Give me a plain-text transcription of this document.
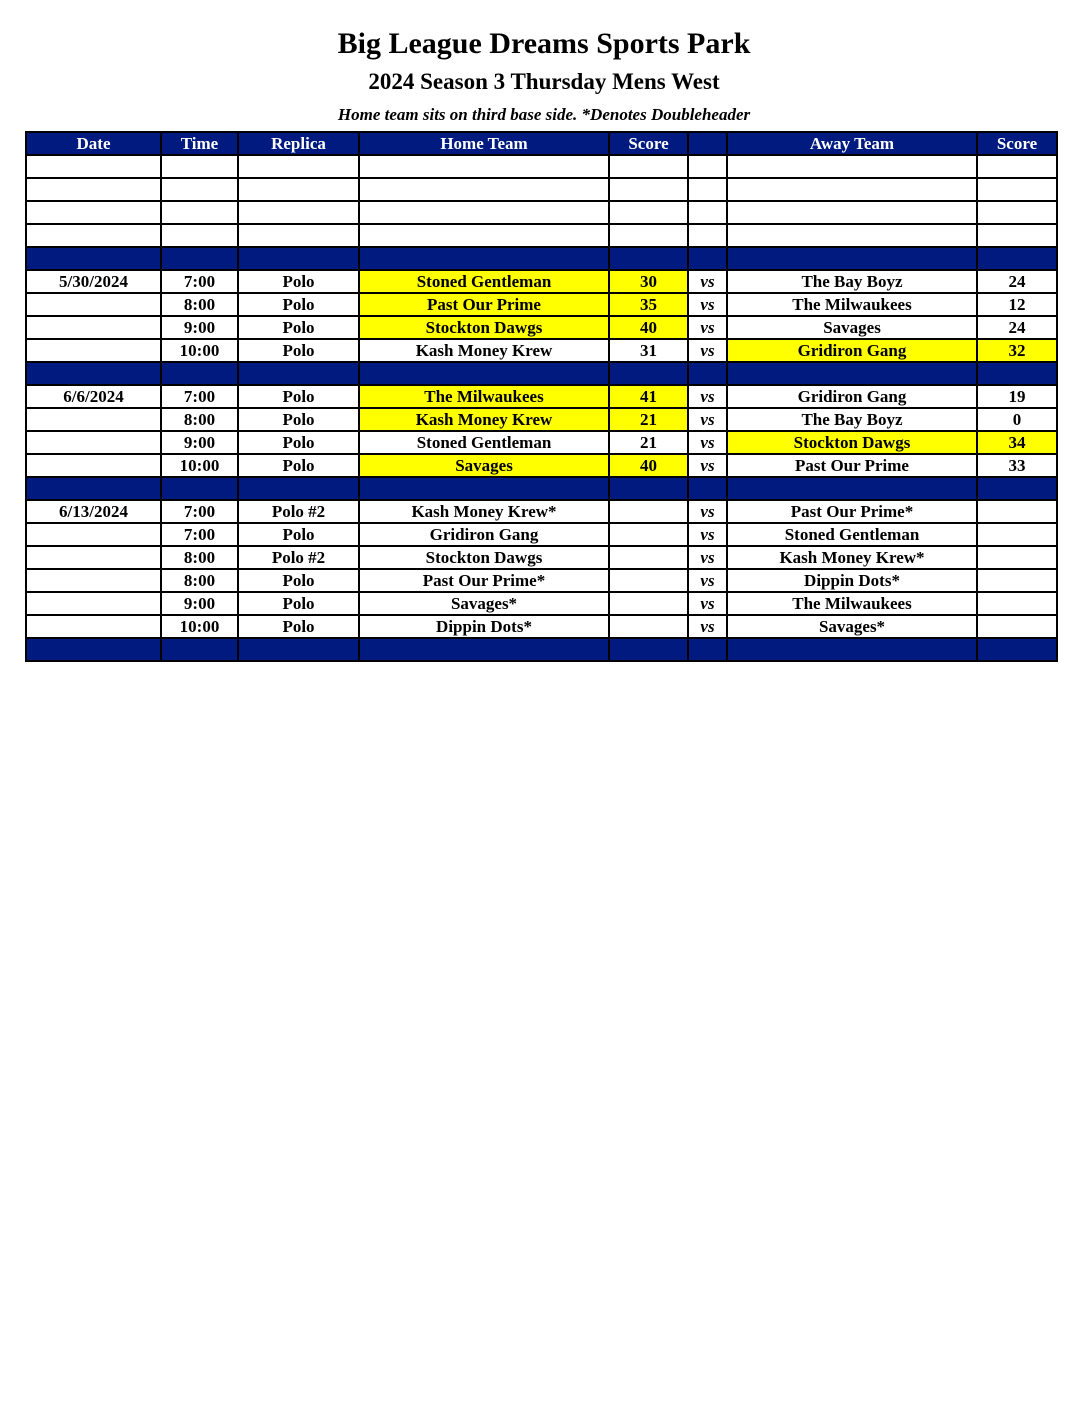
Big League Dreams Sports Park
2024 Season 3 Thursday Mens West
Home team sits on third base side. *Denotes Doubleheader
Date	Time	Replica	Home Team	Score		Away Team	Score

5/30/2024	7:00	Polo	Stoned Gentleman	30	vs	The Bay Boyz	24
	8:00	Polo	Past Our Prime	35	vs	The Milwaukees	12
	9:00	Polo	Stockton Dawgs	40	vs	Savages	24
	10:00	Polo	Kash Money Krew	31	vs	Gridiron Gang	32

6/6/2024	7:00	Polo	The Milwaukees	41	vs	Gridiron Gang	19
	8:00	Polo	Kash Money Krew	21	vs	The Bay Boyz	0
	9:00	Polo	Stoned Gentleman	21	vs	Stockton Dawgs	34
	10:00	Polo	Savages	40	vs	Past Our Prime	33

6/13/2024	7:00	Polo #2	Kash Money Krew*		vs	Past Our Prime*	
	7:00	Polo	Gridiron Gang		vs	Stoned Gentleman	
	8:00	Polo #2	Stockton Dawgs		vs	Kash Money Krew*	
	8:00	Polo	Past Our Prime*		vs	Dippin Dots*	
	9:00	Polo	Savages*		vs	The Milwaukees	
	10:00	Polo	Dippin Dots*		vs	Savages*	
